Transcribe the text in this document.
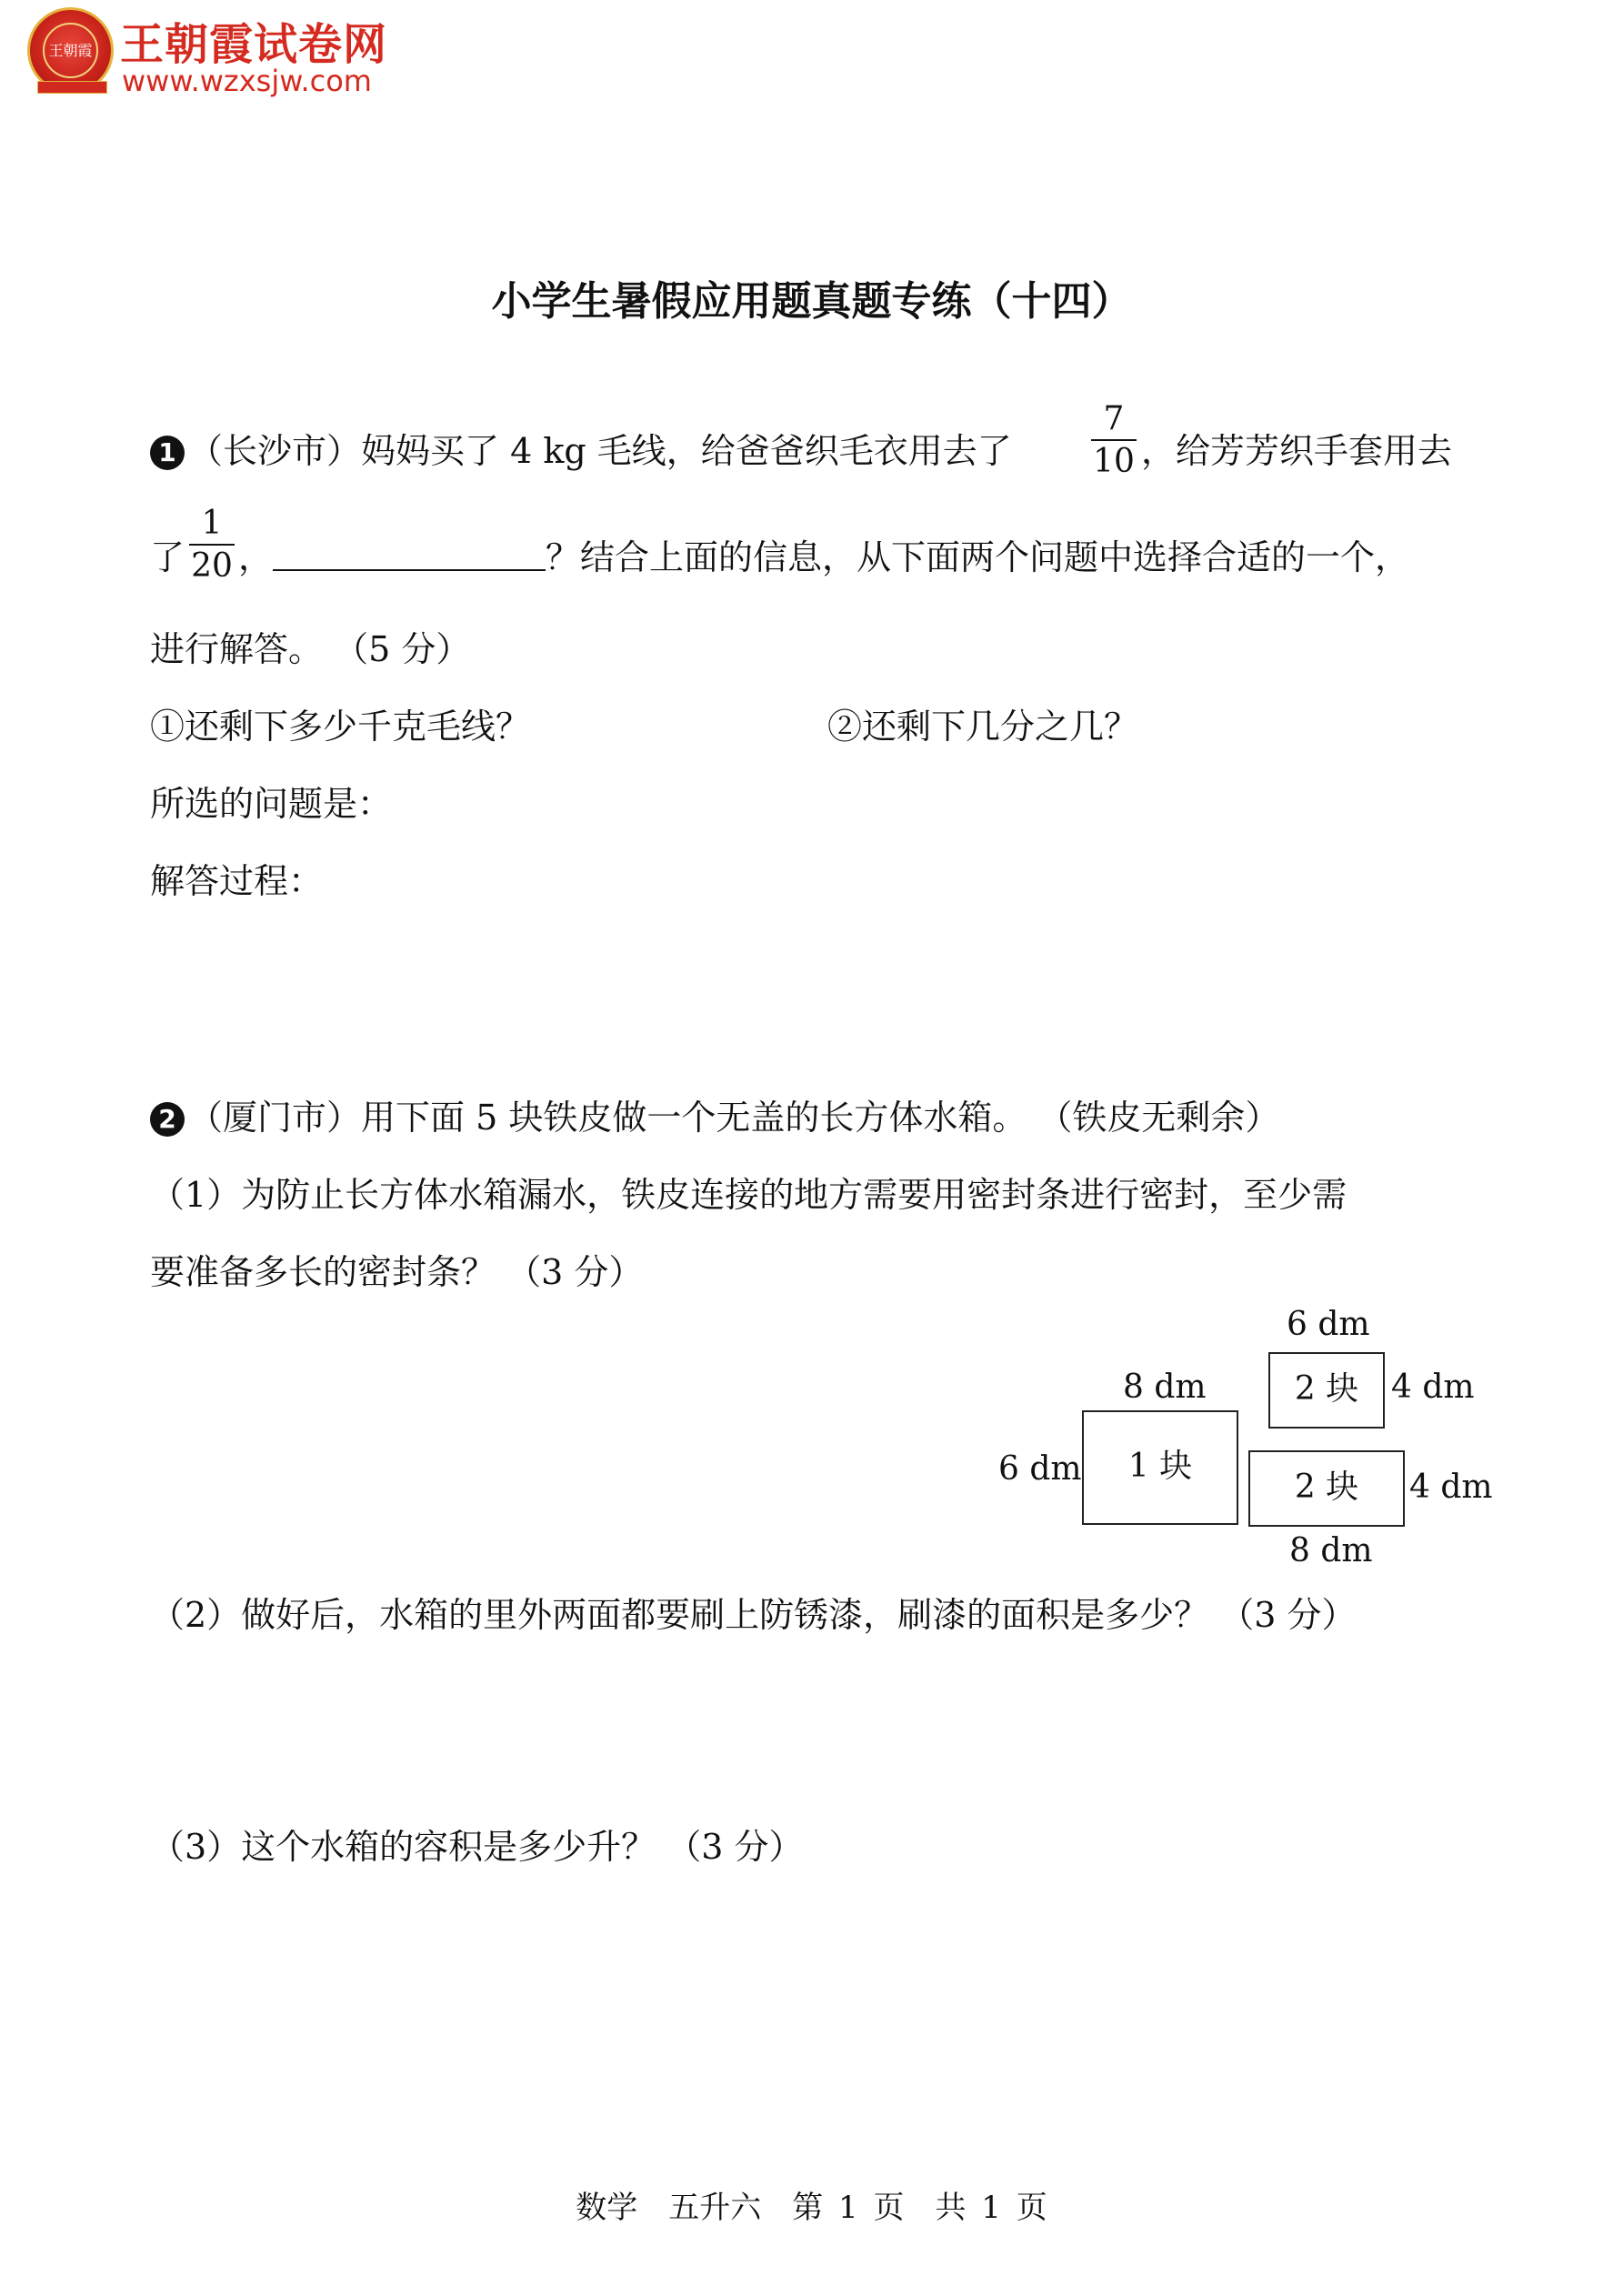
王朝霞 王朝霞试卷网
www.wzxsjw.com
小学生暑假应用题真题专练（十四）
1 （长沙市）妈妈买了 4 kg 毛线，给爸爸织毛衣用去了
7
10 ，给芳芳织手套用去
了
1
20 ，	？结合上面的信息，从下面两个问题中选择合适的一个，
进行解答。 （5 分）
①还剩下多少千克毛线？	②还剩下几分之几？
所选的问题是：
解答过程：
2 （厦门市）用下面 5 块铁皮做一个无盖的长方体水箱。 （铁皮无剩余）
（1）为防止长方体水箱漏水，铁皮连接的地方需要用密封条进行密封，至少需
要准备多长的密封条？ （3 分）
8 dm
6 dm	1 块
6 dm
2 块 4 dm
2 块	4 dm
8 dm
（2）做好后，水箱的里外两面都要刷上防锈漆，刷漆的面积是多少？ （3 分）
（3）这个水箱的容积是多少升？ （3 分）
数学　五升六　第 1 页　共 1 页
